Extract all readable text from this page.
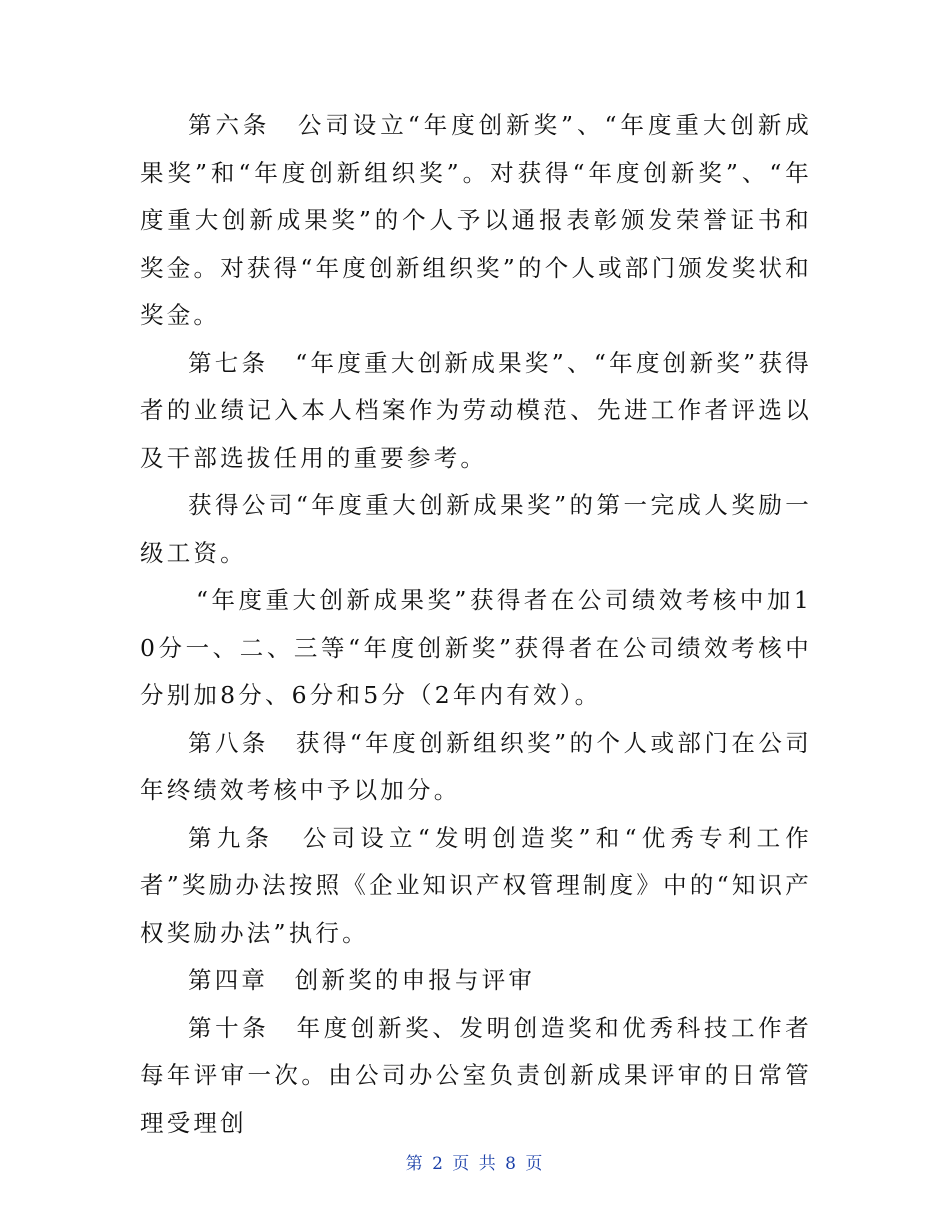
第六条　公司设立“年度创新奖”、“年度重大创新成果奖”和“年度创新组织奖”。对获得“年度创新奖”、“年度重大创新成果奖”的个人予以通报表彰颁发荣誉证书和奖金。对获得“年度创新组织奖”的个人或部门颁发奖状和奖金。

第七条　“年度重大创新成果奖”、“年度创新奖”获得者的业绩记入本人档案作为劳动模范、先进工作者评选以及干部选拔任用的重要参考。

获得公司“年度重大创新成果奖”的第一完成人奖励一级工资。

“年度重大创新成果奖”获得者在公司绩效考核中加10分一、二、三等“年度创新奖”获得者在公司绩效考核中分别加8分、6分和5分（2年内有效）。

第八条　获得“年度创新组织奖”的个人或部门在公司年终绩效考核中予以加分。

第九条　公司设立“发明创造奖”和“优秀专利工作者”奖励办法按照《企业知识产权管理制度》中的“知识产权奖励办法”执行。

第四章　创新奖的申报与评审

第十条　年度创新奖、发明创造奖和优秀科技工作者每年评审一次。由公司办公室负责创新成果评审的日常管理受理创

第 2 页 共 8 页
